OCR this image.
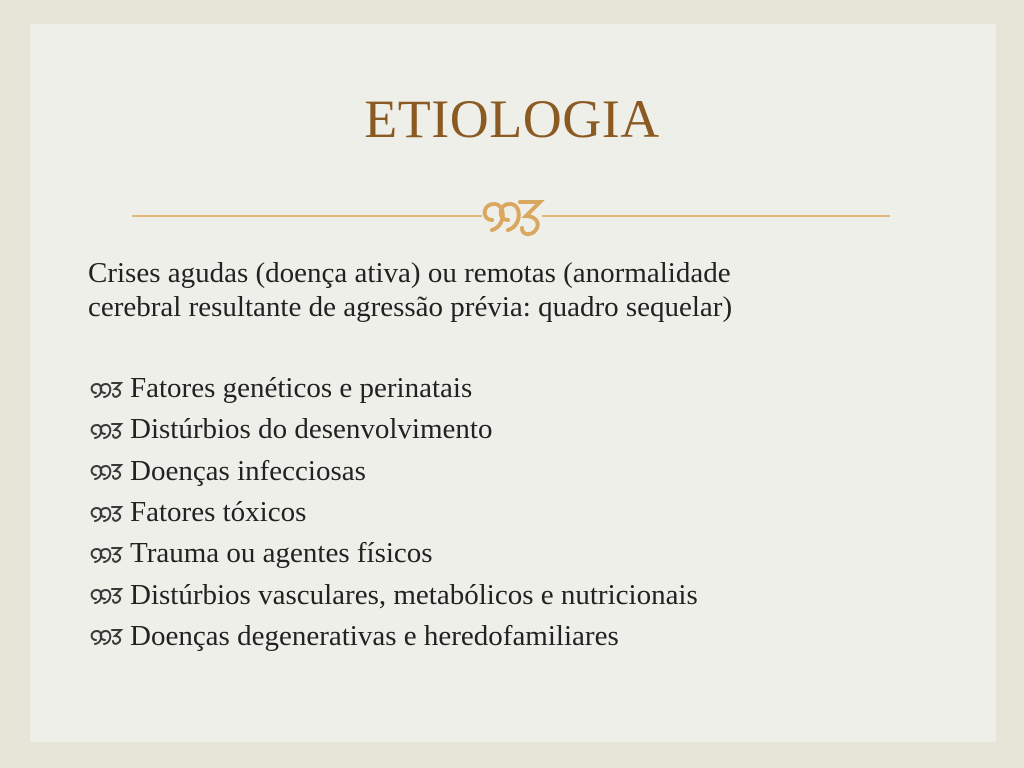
ETIOLOGIA
Crises agudas (doença ativa) ou remotas (anormalidade
cerebral resultante de agressão prévia: quadro sequelar)
Fatores genéticos e perinatais
Distúrbios do desenvolvimento
Doenças infecciosas
Fatores tóxicos
Trauma ou agentes físicos
Distúrbios vasculares, metabólicos e nutricionais
Doenças degenerativas e heredofamiliares
